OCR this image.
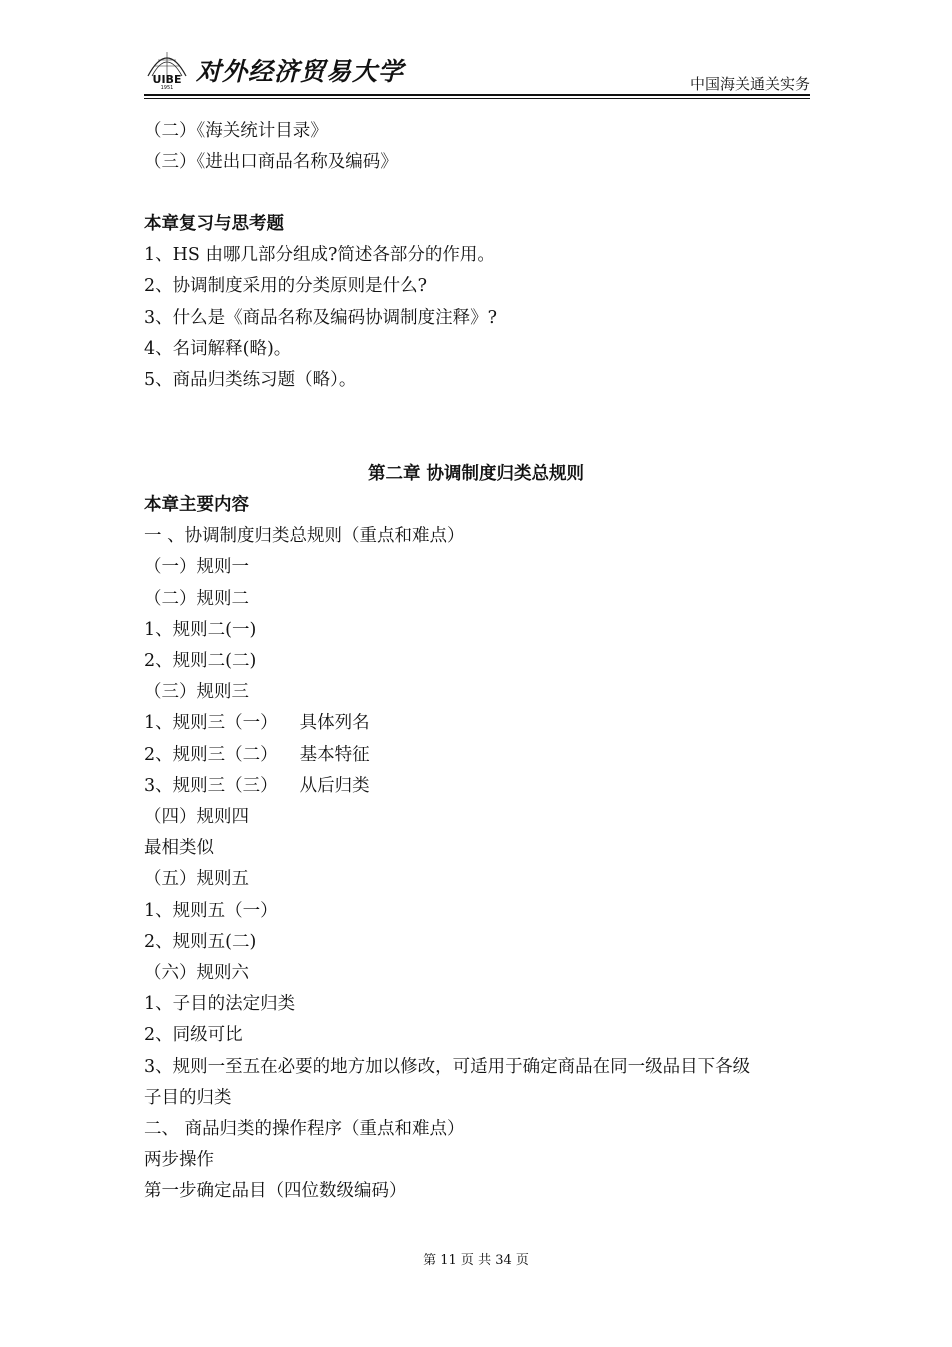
UIBE
1951
对外经济贸易大学	中国海关通关实务
（二）《海关统计目录》
（三）《进出口商品名称及编码》
本章复习与思考题
1、HS 由哪几部分组成?简述各部分的作用。
2、协调制度采用的分类原则是什么?
3、什么是《商品名称及编码协调制度注释》?
4、名词解释(略)。
5、商品归类练习题（略）。
第二章 协调制度归类总规则
本章主要内容
一 、协调制度归类总规则（重点和难点）
（一）规则一
（二）规则二
1、规则二(一)
2、规则二(二)
（三）规则三
1、规则三（一） 具体列名
2、规则三（二） 基本特征
3、规则三（三） 从后归类
（四）规则四
最相类似
（五）规则五
1、规则五（一）
2、规则五(二)
（六）规则六
1、子目的法定归类
2、同级可比
3、规则一至五在必要的地方加以修改，可适用于确定商品在同一级品目下各级
子目的归类
二、 商品归类的操作程序（重点和难点）
两步操作
第一步确定品目（四位数级编码）
第 11 页 共 34 页
